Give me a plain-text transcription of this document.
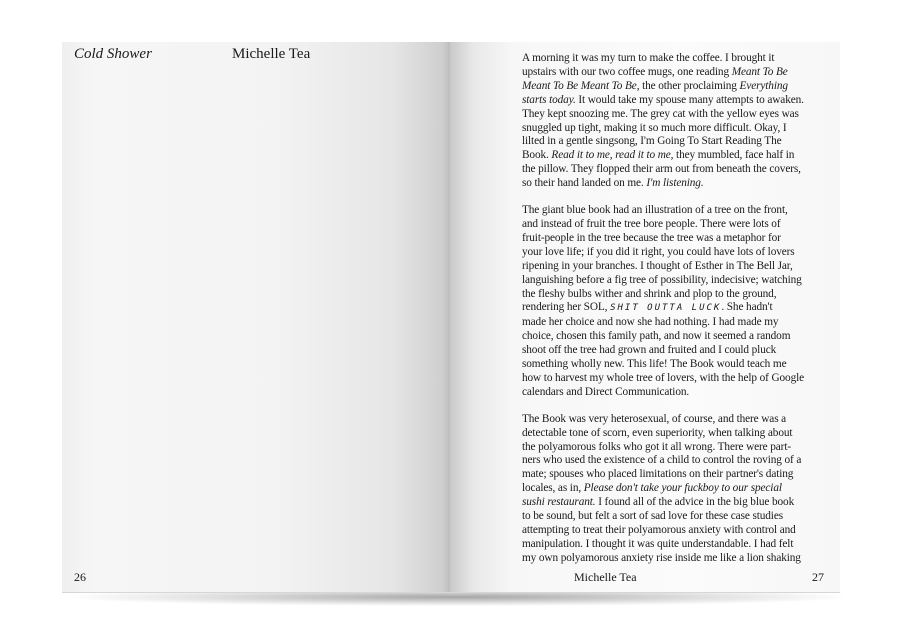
Cold Shower	Michelle Tea
26
A morning it was my turn to make the coffee. I brought it
upstairs with our two coffee mugs, one reading Meant To Be
Meant To Be Meant To Be, the other proclaiming Everything
starts today. It would take my spouse many attempts to awaken.
They kept snoozing me. The grey cat with the yellow eyes was
snuggled up tight, making it so much more difficult. Okay, I
lilted in a gentle singsong, I'm Going To Start Reading The
Book. Read it to me, read it to me, they mumbled, face half in
the pillow. They flopped their arm out from beneath the covers,
so their hand landed on me. I'm listening.
The giant blue book had an illustration of a tree on the front,
and instead of fruit the tree bore people. There were lots of
fruit-people in the tree because the tree was a metaphor for
your love life; if you did it right, you could have lots of lovers
ripening in your branches. I thought of Esther in The Bell Jar,
languishing before a fig tree of possibility, indecisive; watching
the fleshy bulbs wither and shrink and plop to the ground,
rendering her SOL, SHIT OUTTA LUCK. She hadn't
made her choice and now she had nothing. I had made my
choice, chosen this family path, and now it seemed a random
shoot off the tree had grown and fruited and I could pluck
something wholly new. This life! The Book would teach me
how to harvest my whole tree of lovers, with the help of Google
calendars and Direct Communication.
The Book was very heterosexual, of course, and there was a
detectable tone of scorn, even superiority, when talking about
the polyamorous folks who got it all wrong. There were part-
ners who used the existence of a child to control the roving of a
mate; spouses who placed limitations on their partner's dating
locales, as in, Please don't take your fuckboy to our special
sushi restaurant. I found all of the advice in the big blue book
to be sound, but felt a sort of sad love for these case studies
attempting to treat their polyamorous anxiety with control and
manipulation. I thought it was quite understandable. I had felt
my own polyamorous anxiety rise inside me like a lion shaking
Michelle Tea	27
